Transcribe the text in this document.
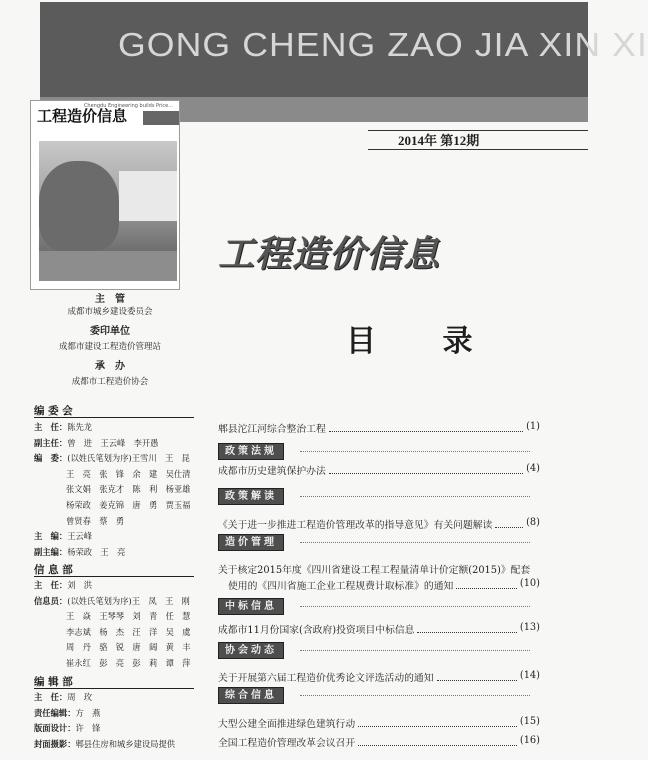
GONG CHENG ZAO JIA XIN XI
Chengdu Engineering builds Price...
工程造价信息
2014年 第12期
工程造价信息
目 录
主　管
成都市城乡建设委员会
委印单位
成都市建设工程造价管理站
承　办
成都市工程造价协会
编 委 会
主　任：陈先龙
副主任：曾　进　王云峰　李开愚
编　委：(以姓氏笔划为序)王雪川　王　昆
王　亮　张　锋　余　建　吴仕清
张文娟　张克才　陈　利　杨亚雄
杨荣政　姜克锦　唐　勇　贾玉福
曾贤春　蔡　勇
主　编：王云峰
副主编：杨荣政　王　亮
信 息 部
主　任：刘　洪
信息员：(以姓氏笔划为序)王　凤　王　刚
王　焱　王琴琴　刘　青　任　慧
李志斌　杨　杰　汪　洋　吴　虞
周　丹　骆　锐　唐　阔　黄　丰
崔永红　彭　亮　彭　莉　谭　萍
编 辑 部
主　任：周　玫
责任编辑：方　燕
版面设计：许　锋
封面摄影：郫县住房和城乡建设局提供
郫县沱江河综合整治工程	(1)
政策法规
成都市历史建筑保护办法	(4)
政策解读
《关于进一步推进工程造价管理改革的指导意见》有关问题解读	(8)
造价管理
关于核定2015年度《四川省建设工程工程量清单计价定额(2015)》配套
使用的《四川省施工企业工程规费计取标准》的通知	(10)
中标信息
成都市11月份国家(含政府)投资项目中标信息	(13)
协会动态
关于开展第六届工程造价优秀论文评选活动的通知	(14)
综合信息
大型公建全面推进绿色建筑行动	(15)
全国工程造价管理改革会议召开	(16)
